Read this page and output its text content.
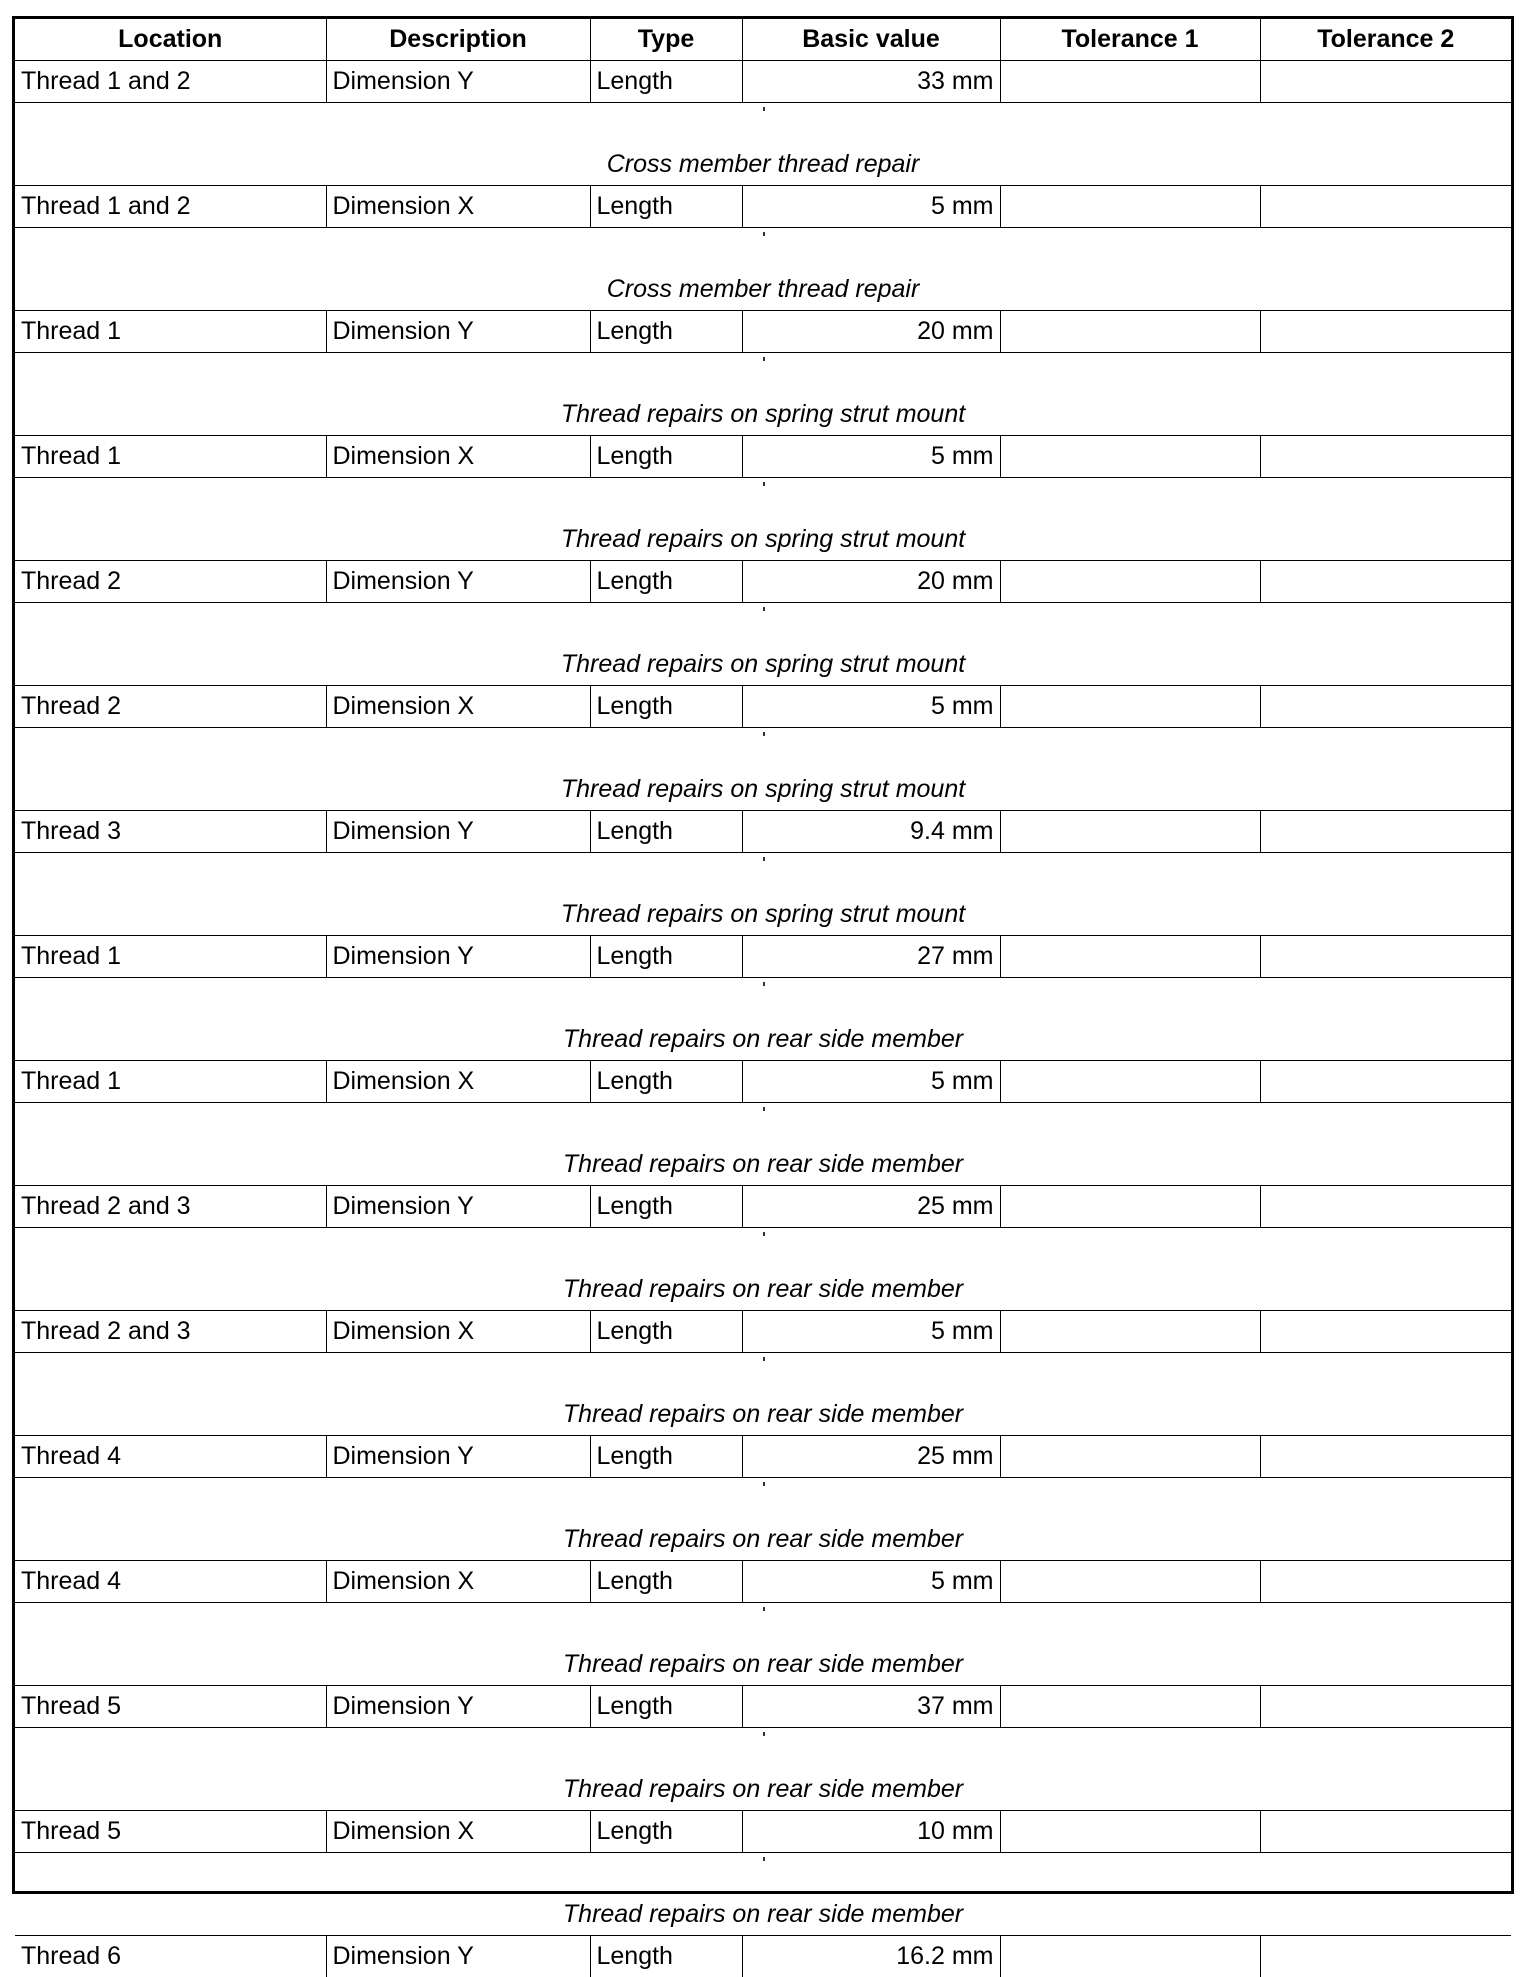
Location	Description	Type	Basic value	Tolerance 1	Tolerance 2
Thread 1 and 2	Dimension Y	Length	33 mm		

Cross member thread repair					
Thread 1 and 2	Dimension X	Length	5 mm		

Cross member thread repair					
Thread 1	Dimension Y	Length	20 mm		

Thread repairs on spring strut mount					
Thread 1	Dimension X	Length	5 mm		

Thread repairs on spring strut mount					
Thread 2	Dimension Y	Length	20 mm		

Thread repairs on spring strut mount					
Thread 2	Dimension X	Length	5 mm		

Thread repairs on spring strut mount					
Thread 3	Dimension Y	Length	9.4 mm		

Thread repairs on spring strut mount					
Thread 1	Dimension Y	Length	27 mm		

Thread repairs on rear side member					
Thread 1	Dimension X	Length	5 mm		

Thread repairs on rear side member					
Thread 2 and 3	Dimension Y	Length	25 mm		

Thread repairs on rear side member					
Thread 2 and 3	Dimension X	Length	5 mm		

Thread repairs on rear side member					
Thread 4	Dimension Y	Length	25 mm		

Thread repairs on rear side member					
Thread 4	Dimension X	Length	5 mm		

Thread repairs on rear side member					
Thread 5	Dimension Y	Length	37 mm		

Thread repairs on rear side member					
Thread 5	Dimension X	Length	10 mm		

Thread repairs on rear side member					
Thread 6	Dimension Y	Length	16.2 mm		
